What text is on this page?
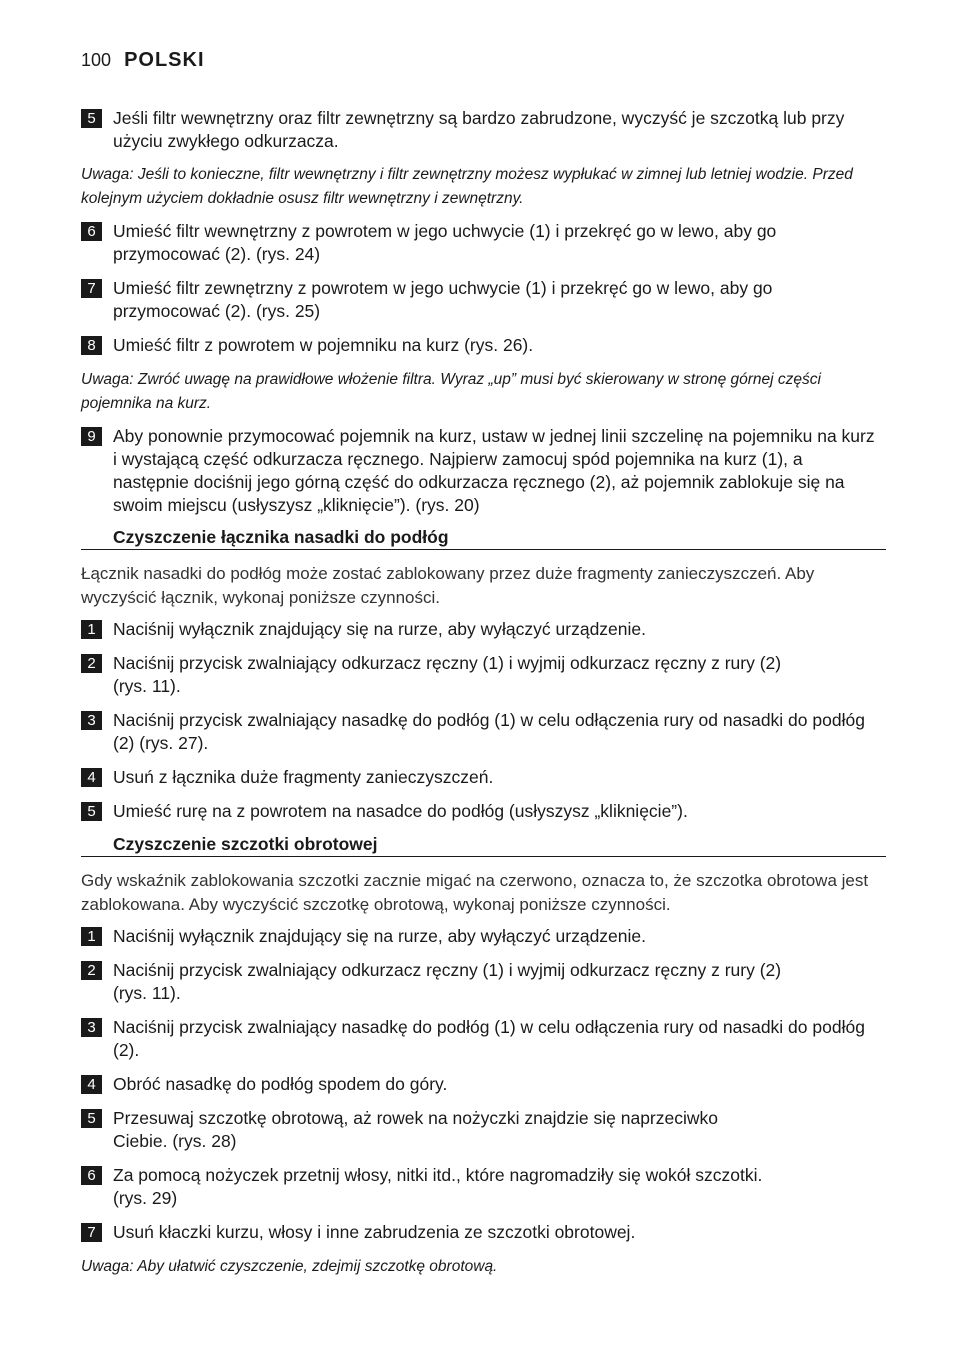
100 POLSKI
5 Jeśli filtr wewnętrzny oraz filtr zewnętrzny są bardzo zabrudzone, wyczyść je szczotką lub przy użyciu zwykłego odkurzacza.
Uwaga: Jeśli to konieczne, filtr wewnętrzny i filtr zewnętrzny możesz wypłukać w zimnej lub letniej wodzie. Przed kolejnym użyciem dokładnie osusz filtr wewnętrzny i zewnętrzny.
6 Umieść filtr wewnętrzny z powrotem w jego uchwycie (1) i przekręć go w lewo, aby go przymocować (2). (rys. 24)
7 Umieść filtr zewnętrzny z powrotem w jego uchwycie (1) i przekręć go w lewo, aby go przymocować (2). (rys. 25)
8 Umieść filtr z powrotem w pojemniku na kurz (rys. 26).
Uwaga: Zwróć uwagę na prawidłowe włożenie filtra. Wyraz „up” musi być skierowany w stronę górnej części pojemnika na kurz.
9 Aby ponownie przymocować pojemnik na kurz, ustaw w jednej linii szczelinę na pojemniku na kurz i wystającą część odkurzacza ręcznego. Najpierw zamocuj spód pojemnika na kurz (1), a następnie dociśnij jego górną część do odkurzacza ręcznego (2), aż pojemnik zablokuje się na swoim miejscu (usłyszysz „kliknięcie”). (rys. 20)
Czyszczenie łącznika nasadki do podłóg
Łącznik nasadki do podłóg może zostać zablokowany przez duże fragmenty zanieczyszczeń. Aby wyczyścić łącznik, wykonaj poniższe czynności.
1 Naciśnij wyłącznik znajdujący się na rurze, aby wyłączyć urządzenie.
2 Naciśnij przycisk zwalniający odkurzacz ręczny (1) i wyjmij odkurzacz ręczny z rury (2) (rys. 11).
3 Naciśnij przycisk zwalniający nasadkę do podłóg (1) w celu odłączenia rury od nasadki do podłóg (2) (rys. 27).
4 Usuń z łącznika duże fragmenty zanieczyszczeń.
5 Umieść rurę na z powrotem na nasadce do podłóg (usłyszysz „kliknięcie”).
Czyszczenie szczotki obrotowej
Gdy wskaźnik zablokowania szczotki zacznie migać na czerwono, oznacza to, że szczotka obrotowa jest zablokowana. Aby wyczyścić szczotkę obrotową, wykonaj poniższe czynności.
1 Naciśnij wyłącznik znajdujący się na rurze, aby wyłączyć urządzenie.
2 Naciśnij przycisk zwalniający odkurzacz ręczny (1) i wyjmij odkurzacz ręczny z rury (2) (rys. 11).
3 Naciśnij przycisk zwalniający nasadkę do podłóg (1) w celu odłączenia rury od nasadki do podłóg (2).
4 Obróć nasadkę do podłóg spodem do góry.
5 Przesuwaj szczotkę obrotową, aż rowek na nożyczki znajdzie się naprzeciwko Ciebie. (rys. 28)
6 Za pomocą nożyczek przetnij włosy, nitki itd., które nagromadziły się wokół szczotki. (rys. 29)
7 Usuń kłaczki kurzu, włosy i inne zabrudzenia ze szczotki obrotowej.
Uwaga: Aby ułatwić czyszczenie, zdejmij szczotkę obrotową.
